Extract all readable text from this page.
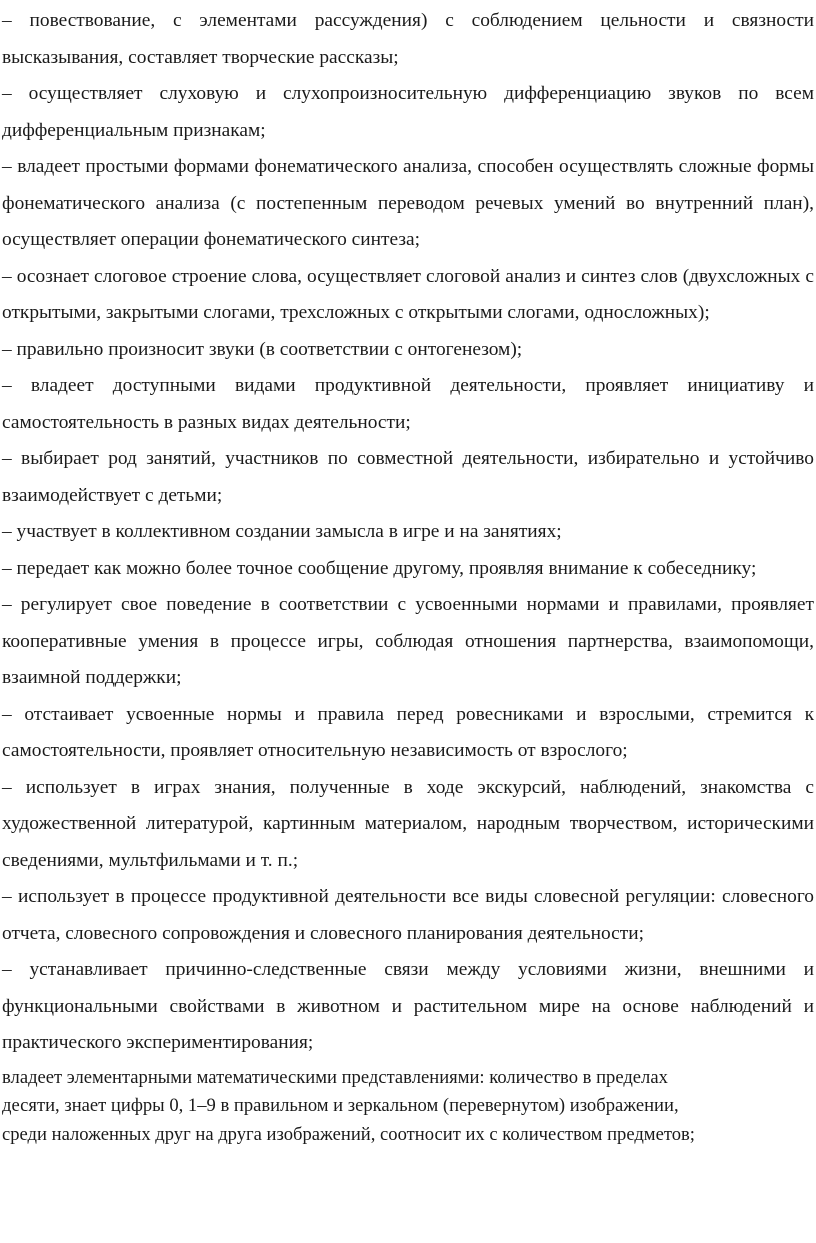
– повествование, с элементами рассуждения) с соблюдением цельности и связности высказывания, составляет творческие рассказы;

– осуществляет слуховую и слухопроизносительную дифференциацию звуков по всем дифференциальным признакам;

– владеет простыми формами фонематического анализа, способен осуществлять сложные формы фонематического анализа (с постепенным переводом речевых умений во внутренний план), осуществляет операции фонематического синтеза;

– осознает слоговое строение слова, осуществляет слоговой анализ и синтез слов (двухсложных с открытыми, закрытыми слогами, трехсложных с открытыми слогами, односложных);

– правильно произносит звуки (в соответствии с онтогенезом);

– владеет доступными видами продуктивной деятельности, проявляет инициативу и самостоятельность в разных видах деятельности;

– выбирает род занятий, участников по совместной деятельности, избирательно и устойчиво взаимодействует с детьми;

– участвует в коллективном создании замысла в игре и на занятиях;

– передает как можно более точное сообщение другому, проявляя внимание к собеседнику;

– регулирует свое поведение в соответствии с усвоенными нормами и правилами, проявляет кооперативные умения в процессе игры, соблюдая отношения партнерства, взаимопомощи, взаимной поддержки;

– отстаивает усвоенные нормы и правила перед ровесниками и взрослыми, стремится к самостоятельности, проявляет относительную независимость от взрослого;

– использует в играх знания, полученные в ходе экскурсий, наблюдений, знакомства с художественной литературой, картинным материалом, народным творчеством, историческими сведениями, мультфильмами и т. п.;

– использует в процессе продуктивной деятельности все виды словесной регуляции: словесного отчета, словесного сопровождения и словесного планирования деятельности;

– устанавливает причинно-следственные связи между условиями жизни, внешними и функциональными свойствами в животном и растительном мире на основе наблюдений и практического экспериментирования;

владеет элементарными математическими представлениями: количество в пределах

десяти, знает цифры 0, 1–9 в правильном и зеркальном (перевернутом) изображении,

среди наложенных друг на друга изображений, соотносит их с количеством предметов;
